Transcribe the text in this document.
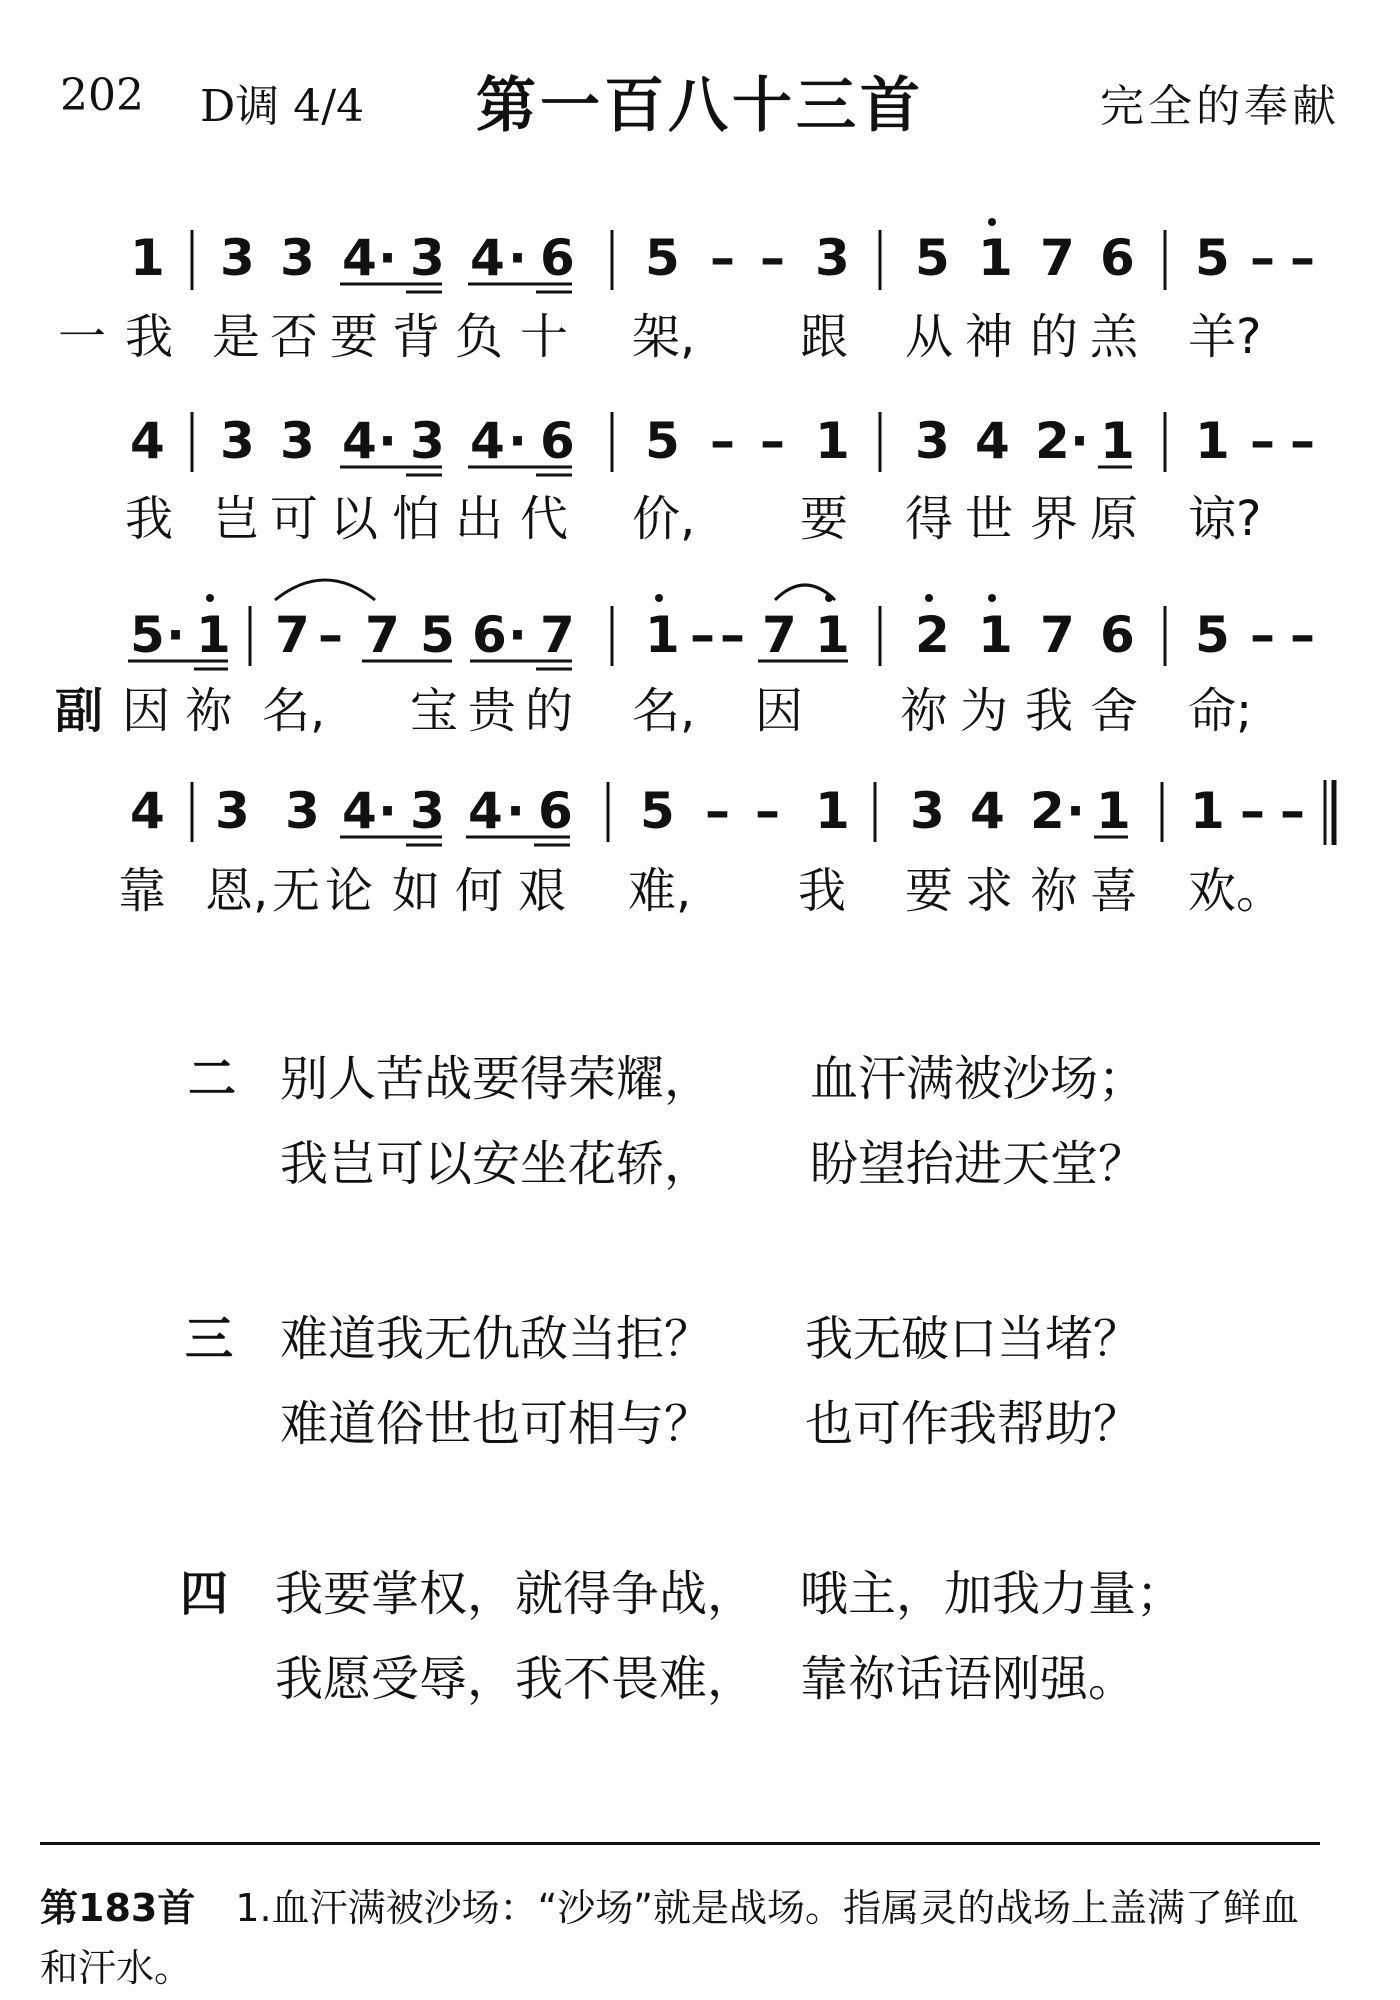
202 D调 4/4	第一百八十三首	完全的奉献
1 3 3 4 · 3 4 · 6 5 – – 3 5 1 7 6 5 – –
4 3 3 4 · 3 4 · 6 5 – – 1 3 4 2 · 1 1 – –
5 · 1 7 – 7 5 6 · 7 1 – – 7 1 2 1 7 6 5 – –
4 3 3 4 · 3 4 · 6 5 – – 1 3 4 2 · 1 1 – –
一 我 是 否 要 背 负 十 架, 跟 从 神 的 羔 羊?
我 岂 可 以 怕 出 代 价, 要 得 世 界 原 谅?
副 因 祢 名, 宝 贵 的 名, 因 祢 为 我 舍 命;
靠 恩, 无 论 如 何 艰 难, 我 要 求 祢 喜 欢。
二 别人苦战要得荣耀， 血汗满被沙场；
我岂可以安坐花轿， 盼望抬进天堂？
三 难道我无仇敌当拒？ 我无破口当堵？
难道俗世也可相与？ 也可作我帮助？
四 我要掌权，就得争战， 哦主，加我力量；
我愿受辱，我不畏难， 靠祢话语刚强。
第183首 1.血汗满被沙场：“沙场”就是战场。指属灵的战场上盖满了鲜血和汗水。
